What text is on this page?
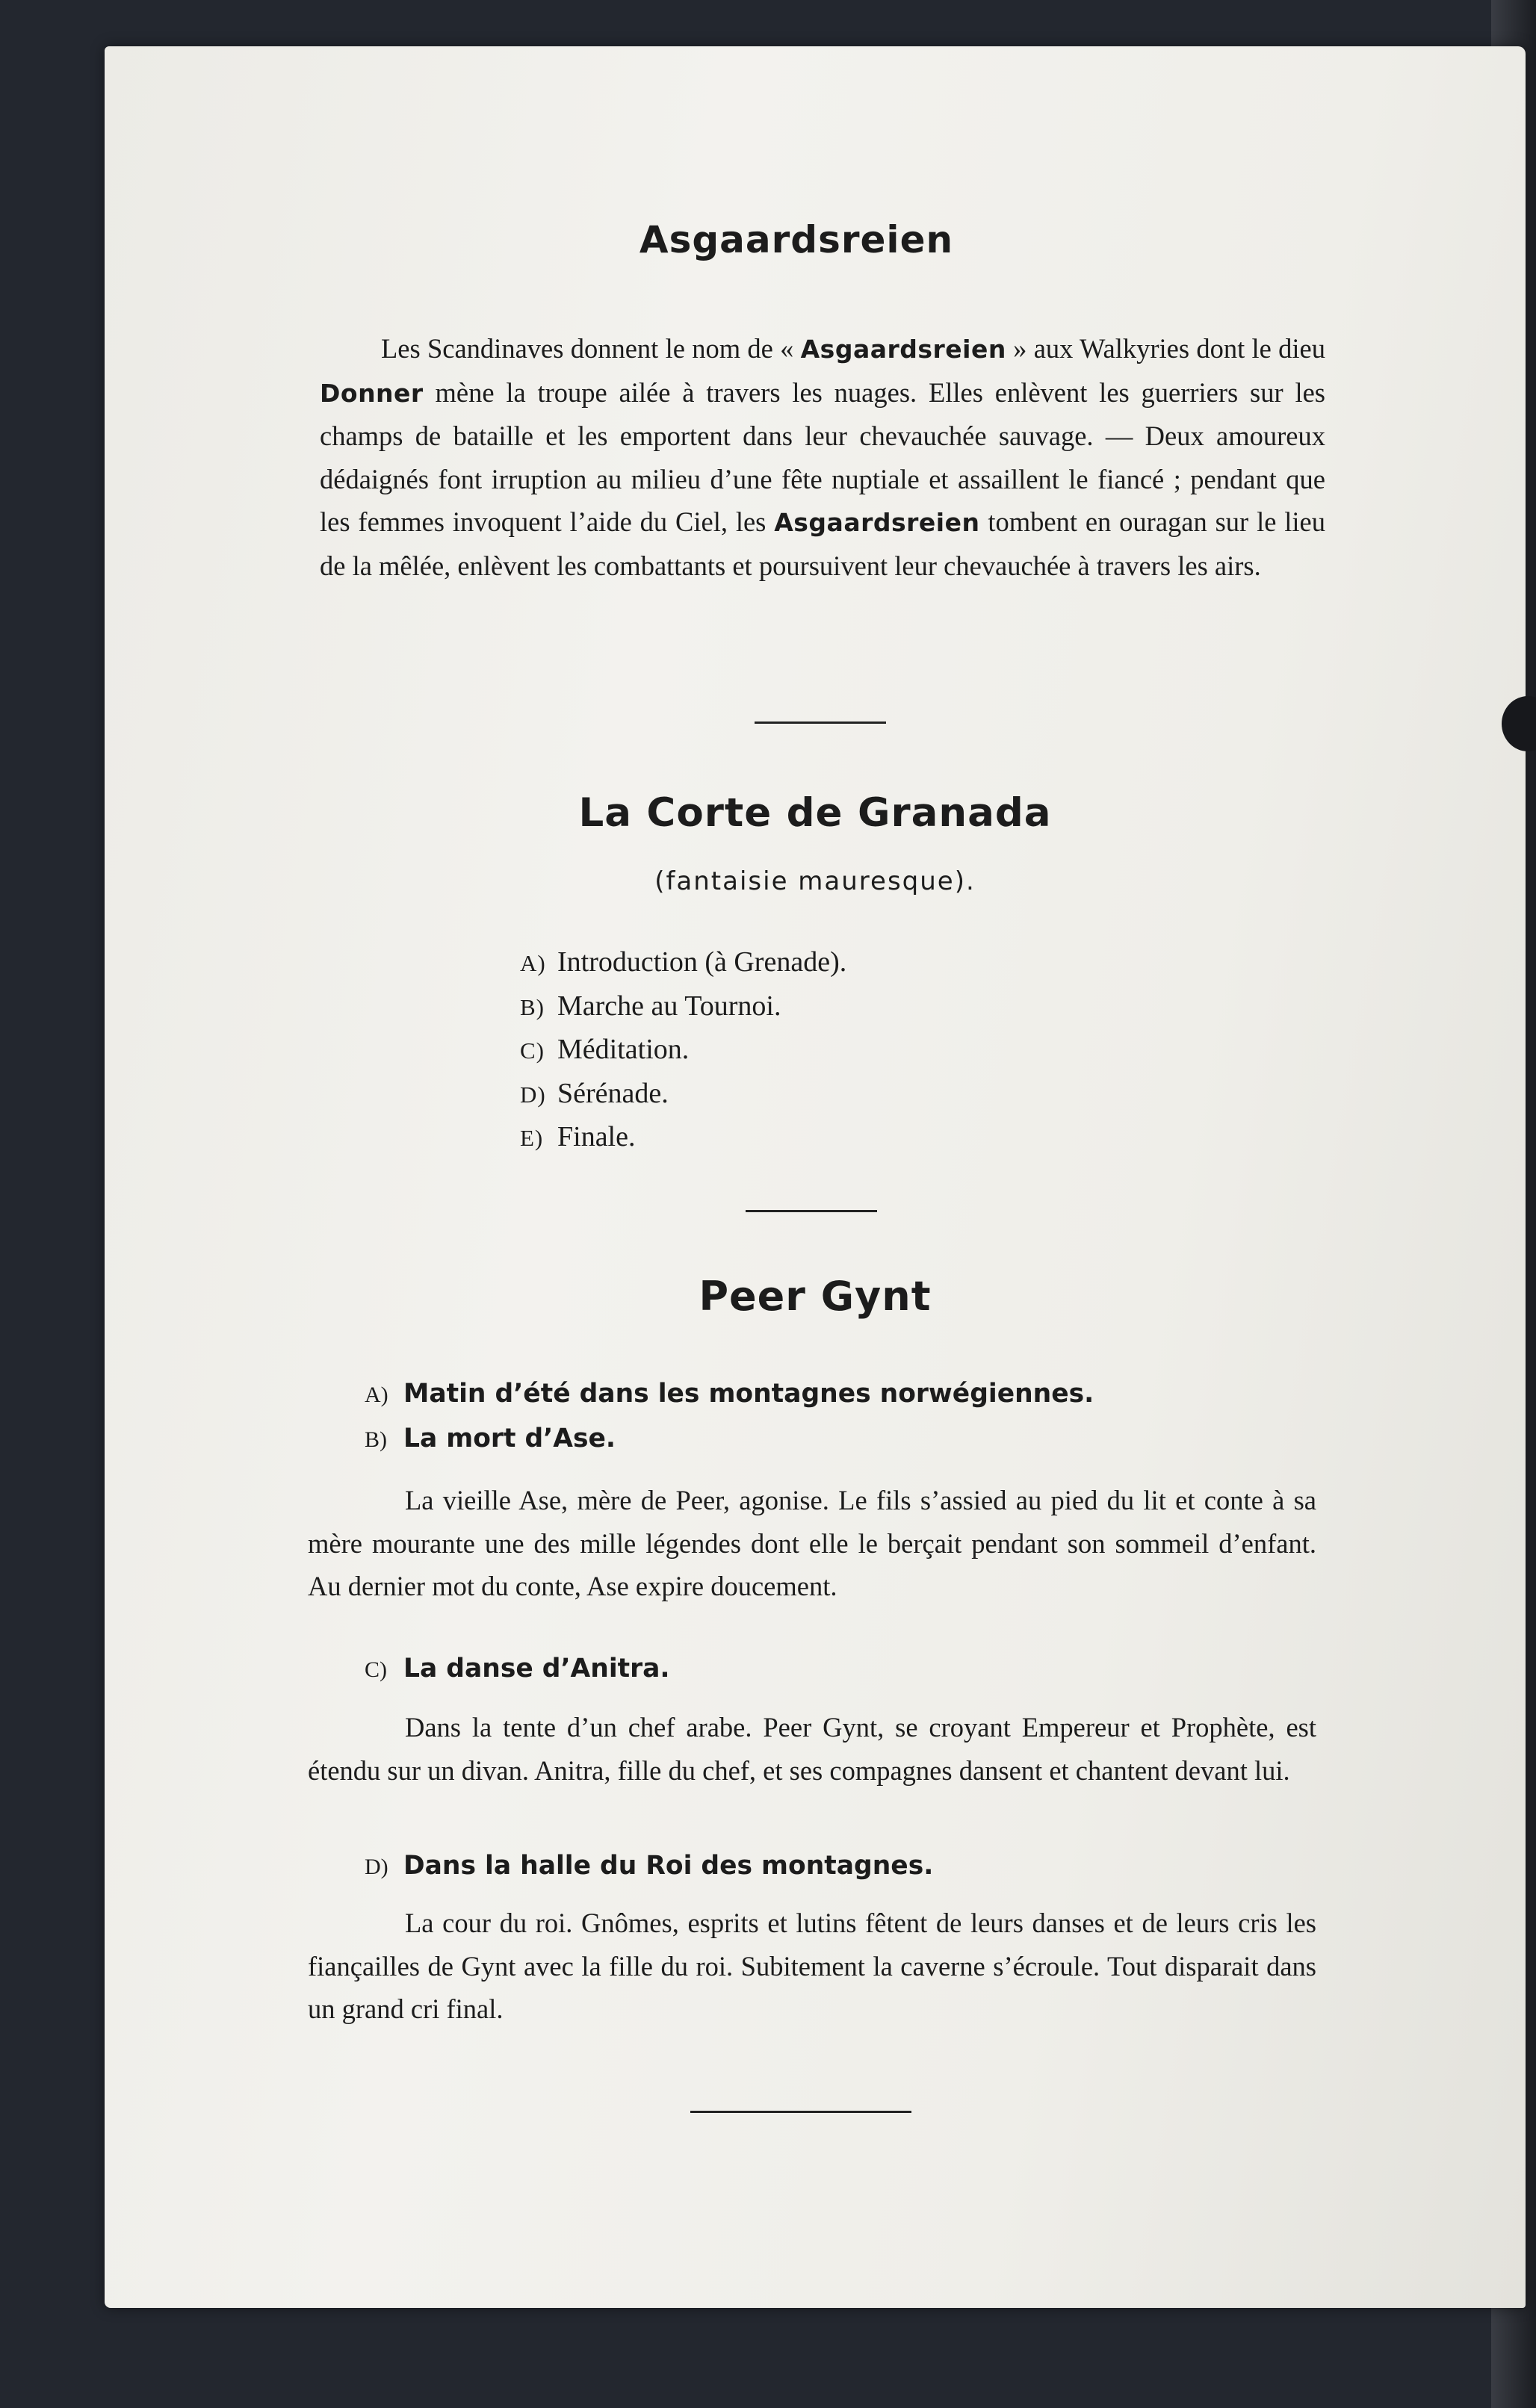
Asgaardsreien

Les Scandinaves donnent le nom de « Asgaardsreien » aux Walkyries dont le dieu Donner mène la troupe ailée à travers les nuages. Elles enlèvent les guerriers sur les champs de bataille et les emportent dans leur chevauchée sauvage. — Deux amoureux dédaignés font irruption au milieu d’une fête nuptiale et assaillent le fiancé ; pendant que les femmes invoquent l’aide du Ciel, les Asgaardsreien tombent en ouragan sur le lieu de la mêlée, enlèvent les combattants et poursuivent leur chevauchée à travers les airs.

La Corte de Granada
(fantaisie mauresque).
A) Introduction (à Grenade).
B) Marche au Tournoi.
C) Méditation.
D) Sérénade.
E) Finale.
Peer Gynt
A) Matin d’été dans les montagnes norwégiennes.
B) La mort d’Ase.

La vieille Ase, mère de Peer, agonise. Le fils s’assied au pied du lit et conte à sa mère mourante une des mille légendes dont elle le berçait pendant son sommeil d’enfant. Au dernier mot du conte, Ase expire doucement.

C) La danse d’Anitra.

Dans la tente d’un chef arabe. Peer Gynt, se croyant Empereur et Prophète, est étendu sur un divan. Anitra, fille du chef, et ses compagnes dansent et chantent devant lui.

D) Dans la halle du Roi des montagnes.

La cour du roi. Gnômes, esprits et lutins fêtent de leurs danses et de leurs cris les fiançailles de Gynt avec la fille du roi. Subitement la caverne s’écroule. Tout disparait dans un grand cri final.
